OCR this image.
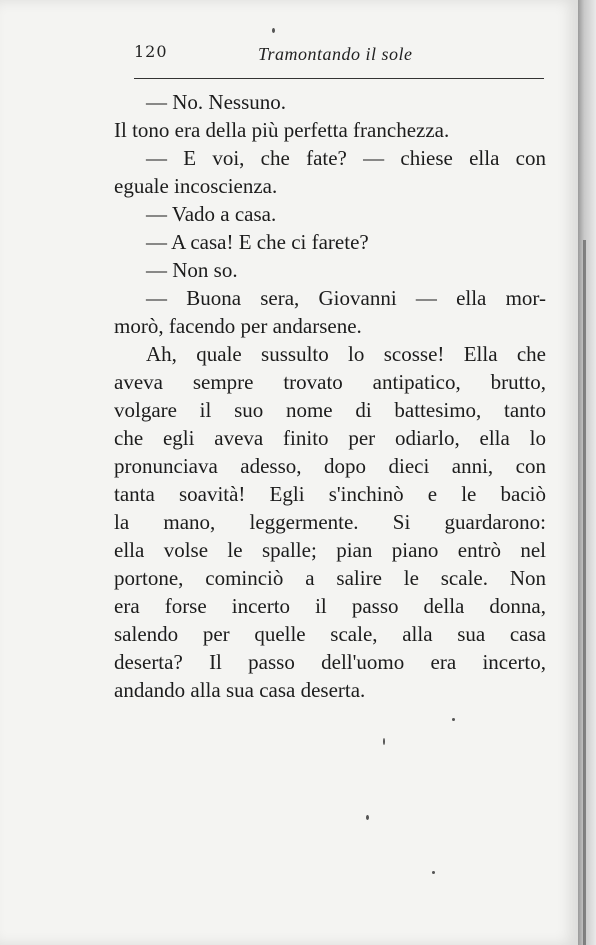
120	Tramontando il sole
— No. Nessuno.
Il tono era della più perfetta franchezza.
— E voi, che fate? — chiese ella con
eguale incoscienza.
— Vado a casa.
— A casa! E che ci farete?
— Non so.
— Buona sera, Giovanni — ella mor-
morò, facendo per andarsene.
Ah, quale sussulto lo scosse! Ella che
aveva sempre trovato antipatico, brutto,
volgare il suo nome di battesimo, tanto
che egli aveva finito per odiarlo, ella lo
pronunciava adesso, dopo dieci anni, con
tanta soavità! Egli s'inchinò e le baciò
la mano, leggermente. Si guardarono:
ella volse le spalle; pian piano entrò nel
portone, cominciò a salire le scale. Non
era forse incerto il passo della donna,
salendo per quelle scale, alla sua casa
deserta? Il passo dell'uomo era incerto,
andando alla sua casa deserta.
